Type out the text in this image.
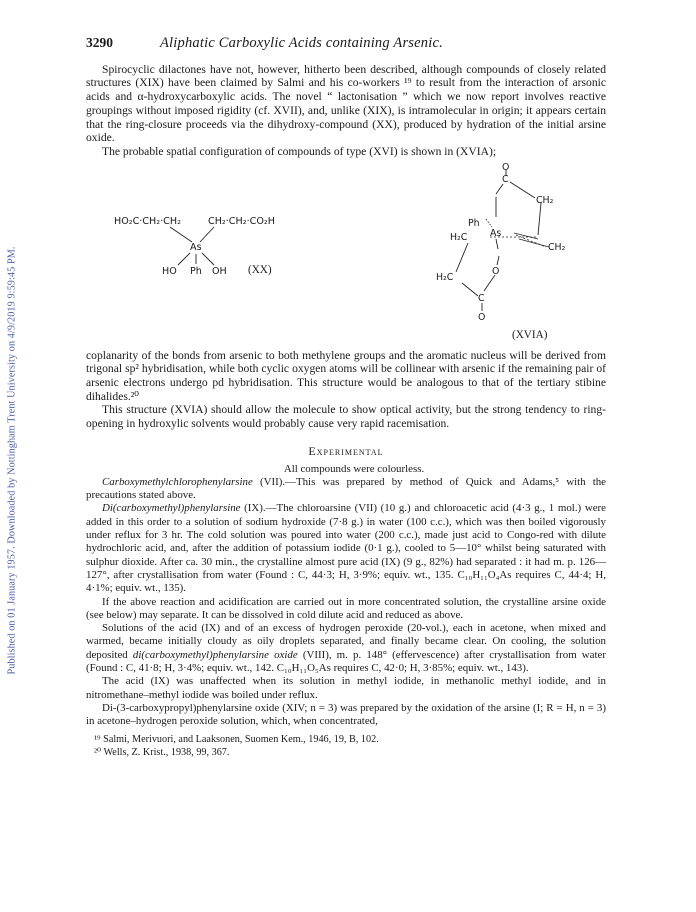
Published on 01 January 1957. Downloaded by Nottingham Trent University on 4/9/2019 9:59:45 PM.
3290	Aliphatic Carboxylic Acids containing Arsenic.

Spirocyclic dilactones have not, however, hitherto been described, although compounds of closely related structures (XIX) have been claimed by Salmi and his co-workers ¹⁹ to result from the interaction of arsonic acids and α-hydroxycarboxylic acids. The novel “ lactonisation ” which we now report involves reactive groupings without imposed rigidity (cf. XVII), and, unlike (XIX), is intramolecular in origin; it appears certain that the ring-closure proceeds via the dihydroxy-compound (XX), produced by hydration of the initial arsine oxide.

The probable spatial configuration of compounds of type (XVI) is shown in (XVIA);

HO₂C·CH₂·CH₂	CH₂·CH₂·CO₂H
As
HO Ph OH (XX)
O
C
CH₂
Ph
H₂C As
CH₂
O
H₂C
C
O
(XVIA)

coplanarity of the bonds from arsenic to both methylene groups and the aromatic nucleus will be derived from trigonal sp² hybridisation, while both cyclic oxygen atoms will be collinear with arsenic if the remaining pair of arsenic electrons undergo pd hybridisation. This structure would be analogous to that of the tertiary stibine dihalides.²⁰

This structure (XVIA) should allow the molecule to show optical activity, but the strong tendency to ring-opening in hydroxylic solvents would probably cause very rapid racemisation.

Experimental

All compounds were colourless.

Carboxymethylchlorophenylarsine (VII).—This was prepared by method of Quick and Adams,⁵ with the precautions stated above.

Di(carboxymethyl)phenylarsine (IX).—The chloroarsine (VII) (10 g.) and chloroacetic acid (4·3 g., 1 mol.) were added in this order to a solution of sodium hydroxide (7·8 g.) in water (100 c.c.), which was then boiled vigorously under reflux for 3 hr. The cold solution was poured into water (200 c.c.), made just acid to Congo-red with dilute hydrochloric acid, and, after the addition of potassium iodide (0·1 g.), cooled to 5—10° whilst being saturated with sulphur dioxide. After ca. 30 min., the crystalline almost pure acid (IX) (9 g., 82%) had separated : it had m. p. 126—127°, after crystallisation from water (Found : C, 44·3; H, 3·9%; equiv. wt., 135. C₁₀H₁₁O₄As requires C, 44·4; H, 4·1%; equiv. wt., 135).

If the above reaction and acidification are carried out in more concentrated solution, the crystalline arsine oxide (see below) may separate. It can be dissolved in cold dilute acid and reduced as above.

Solutions of the acid (IX) and of an excess of hydrogen peroxide (20-vol.), each in acetone, when mixed and warmed, became initially cloudy as oily droplets separated, and finally became clear. On cooling, the solution deposited di(carboxymethyl)phenylarsine oxide (VIII), m. p. 148° (effervescence) after crystallisation from water (Found : C, 41·8; H, 3·4%; equiv. wt., 142. C₁₀H₁₁O₅As requires C, 42·0; H, 3·85%; equiv. wt., 143).

The acid (IX) was unaffected when its solution in methyl iodide, in methanolic methyl iodide, and in nitromethane–methyl iodide was boiled under reflux.

Di-(3-carboxypropyl)phenylarsine oxide (XIV; n = 3) was prepared by the oxidation of the arsine (I; R = H, n = 3) in acetone–hydrogen peroxide solution, which, when concentrated,

¹⁹ Salmi, Merivuori, and Laaksonen, Suomen Kem., 1946, 19, B, 102.

²⁰ Wells, Z. Krist., 1938, 99, 367.
